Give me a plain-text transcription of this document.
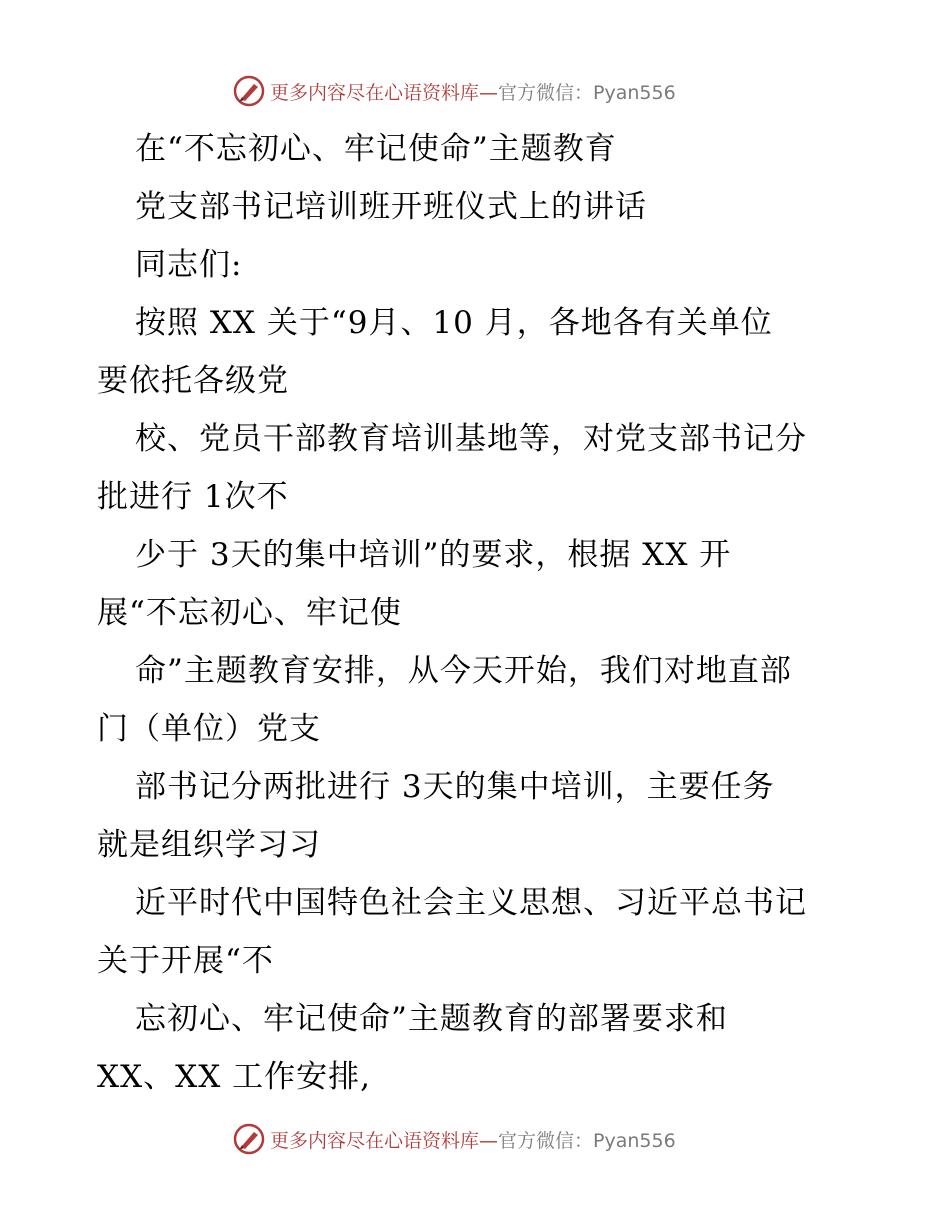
更多内容尽在心语资料库—官方微信：Pyan556
在“不忘初心、牢记使命”主题教育
党支部书记培训班开班仪式上的讲话
同志们:
按照 XX 关于“9月、10 月，各地各有关单位
要依托各级党
校、党员干部教育培训基地等，对党支部书记分
批进行 1次不
少于 3天的集中培训”的要求，根据 XX 开
展“不忘初心、牢记使
命”主题教育安排，从今天开始，我们对地直部
门（单位）党支
部书记分两批进行 3天的集中培训，主要任务
就是组织学习习
近平时代中国特色社会主义思想、习近平总书记
关于开展“不
忘初心、牢记使命”主题教育的部署要求和
XX、XX 工作安排,
更多内容尽在心语资料库—官方微信：Pyan556
